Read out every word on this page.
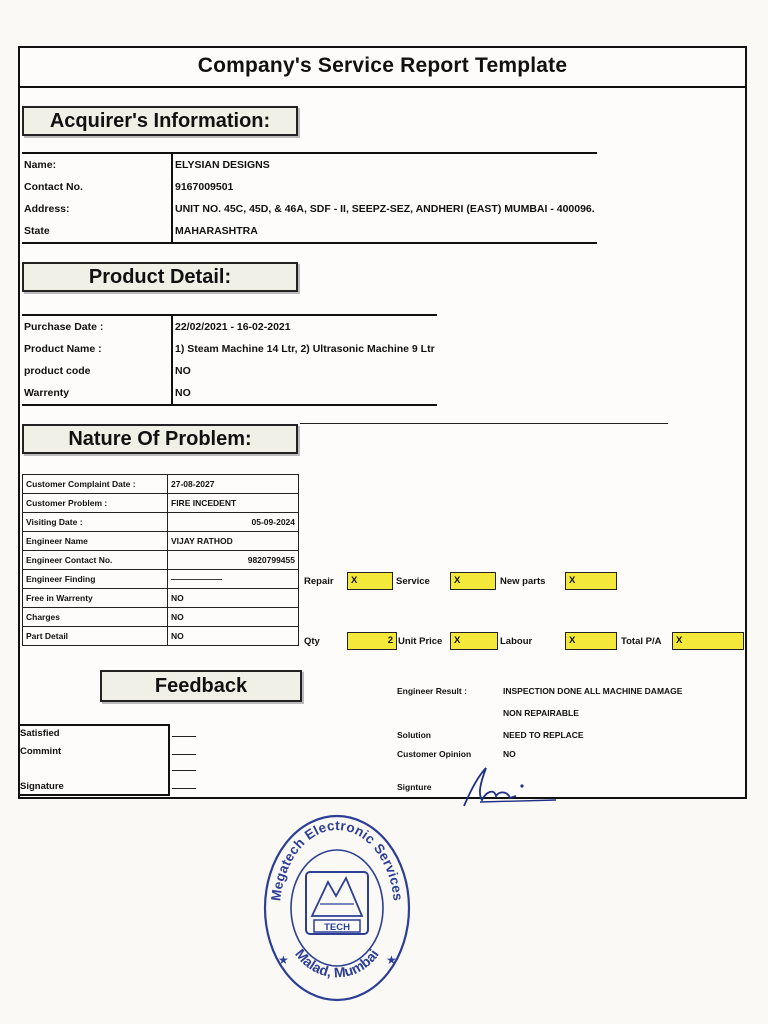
Company's Service Report Template
Acquirer's Information:
Name:	ELYSIAN DESIGNS
Contact No.	9167009501
Address:	UNIT NO. 45C, 45D, & 46A, SDF - II, SEEPZ-SEZ, ANDHERI (EAST) MUMBAI - 400096.
State	MAHARASHTRA
Product Detail:
Purchase Date :	22/02/2021 - 16-02-2021
Product Name :	1) Steam Machine 14 Ltr, 2) Ultrasonic Machine 9 Ltr
product code	NO
Warrenty	NO
Nature Of Problem:
Customer Complaint Date :	27-08-2027
Customer Problem :	FIRE INCEDENT
Visiting Date :	05-09-2024
Engineer Name	VIJAY RATHOD
Engineer Contact No.	9820799455
Engineer Finding	——————
Free in Warrenty	NO
Charges	NO
Part Detail	NO
Repair	X	Service	X	New parts	X
Qty	2 Unit Price	X	Labour	X	Total P/A	X
Feedback
Satisfied
Commint
Signature
Engineer Result :	INSPECTION DONE ALL MACHINE DAMAGE
NON REPAIRABLE
Solution	NEED TO REPLACE
Customer Opinion	NO
Signture
Megatech Electronic Services
Malad, Mumbai
★	★
TECH
